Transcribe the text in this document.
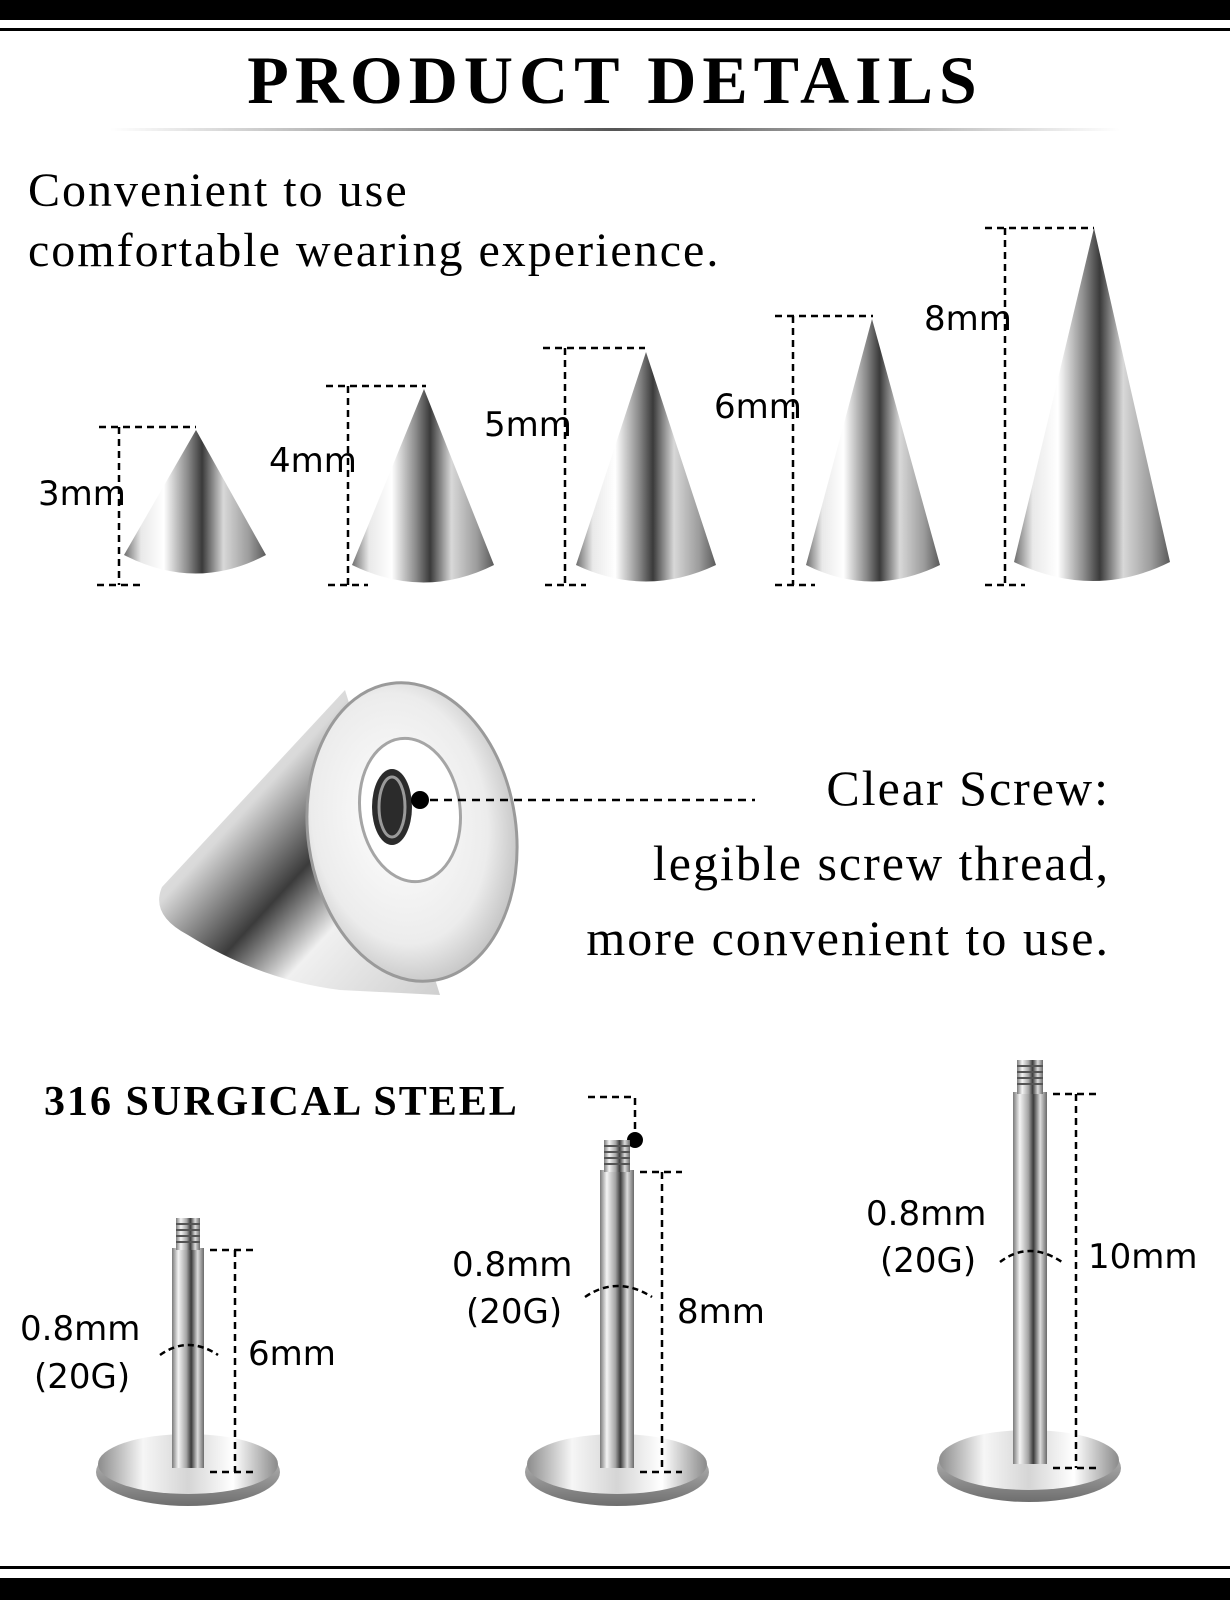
PRODUCT DETAILS
Convenient to use
comfortable wearing experience.
3mm
4mm
5mm	6mm
8mm
Clear Screw:
legible screw thread,
more convenient to use.
316 SURGICAL STEEL
0.8mm
(20G)
6mm
0.8mm
(20G)	8mm
0.8mm
(20G)	10mm
